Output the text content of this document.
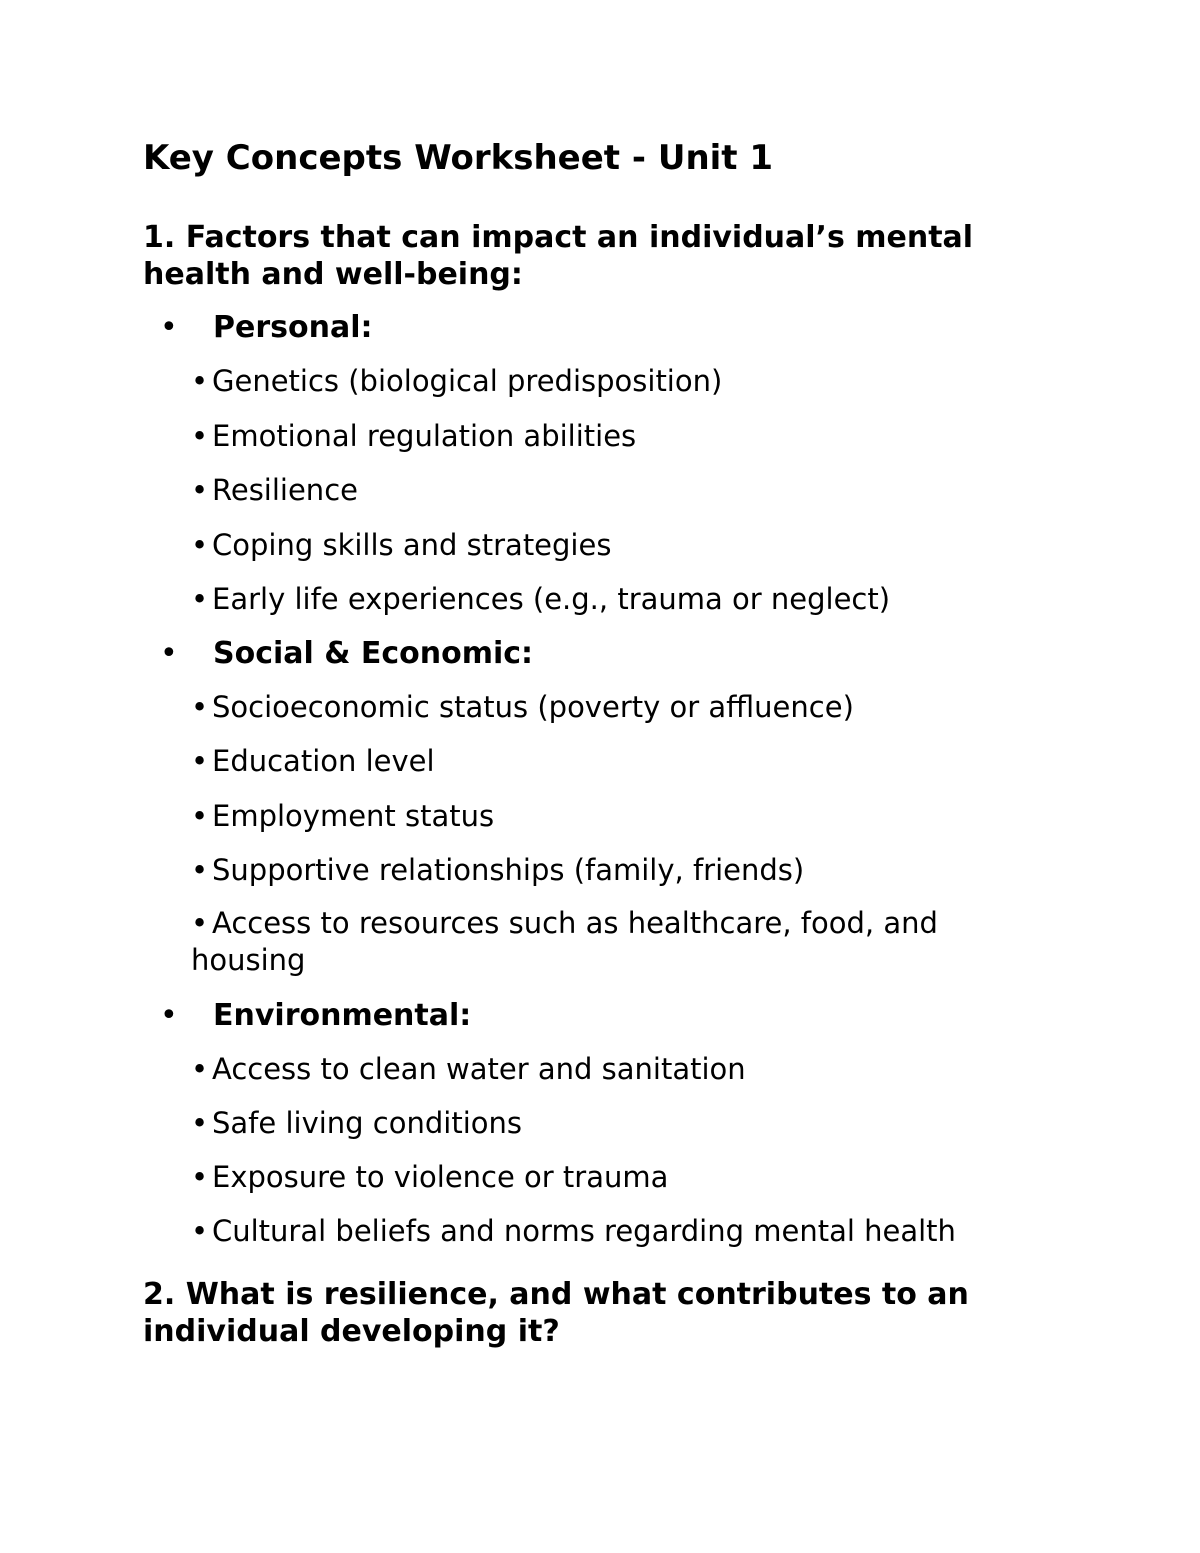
Key Concepts Worksheet - Unit 1
1. Factors that can impact an individual’s mental health and well-being:
• Personal:
• Genetics (biological predisposition)
• Emotional regulation abilities
• Resilience
• Coping skills and strategies
• Early life experiences (e.g., trauma or neglect)
• Social & Economic:
• Socioeconomic status (poverty or affluence)
• Education level
• Employment status
• Supportive relationships (family, friends)
• Access to resources such as healthcare, food, and housing
• Environmental:
• Access to clean water and sanitation
• Safe living conditions
• Exposure to violence or trauma
• Cultural beliefs and norms regarding mental health
2. What is resilience, and what contributes to an individual developing it?
